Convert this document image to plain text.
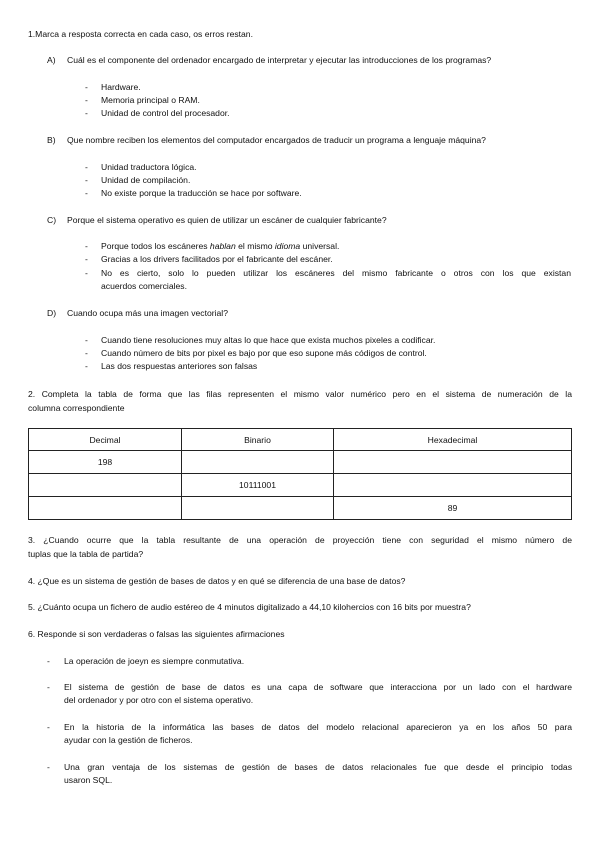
1.Marca a resposta correcta en cada caso, os erros restan.
A) Cuál es el componente del ordenador encargado de interpretar y ejecutar las introducciones de los programas?
- Hardware.
- Memoria principal o RAM.
- Unidad de control del procesador.
B) Que nombre reciben los elementos del computador encargados de traducir un programa a lenguaje máquina?
- Unidad traductora lógica.
- Unidad de compilación.
- No existe porque la traducción se hace por software.
C) Porque el sistema operativo es quien de utilizar un escáner de cualquier fabricante?
- Porque todos los escáneres hablan el mismo idioma universal.
- Gracias a los drivers facilitados por el fabricante del escáner.
- No es cierto, solo lo pueden utilizar los escáneres del mismo fabricante o otros con los que existan
acuerdos comerciales.
D) Cuando ocupa más una imagen vectorial?
- Cuando tiene resoluciones muy altas lo que hace que exista muchos pixeles a codificar.
- Cuando número de bits por pixel es bajo por que eso supone más códigos de control.
- Las dos respuestas anteriores son falsas
2. Completa la tabla de forma que las filas representen el mismo valor numérico pero en el sistema de numeración de la
columna correspondiente
Decimal	Binario	Hexadecimal
198		
	10111001	
		89
3. ¿Cuando ocurre que la tabla resultante de una operación de proyección tiene con seguridad el mismo número de
tuplas que la tabla de partida?
4. ¿Que es un sistema de gestión de bases de datos y en qué se diferencia de una base de datos?
5. ¿Cuánto ocupa un fichero de audio estéreo de 4 minutos digitalizado a 44,10 kilohercios con 16 bits por muestra?
6. Responde si son verdaderas o falsas las siguientes afirmaciones
- La operación de joeyn es siempre conmutativa.
- El sistema de gestión de base de datos es una capa de software que interacciona por un lado con el hardware
del ordenador y por otro con el sistema operativo.
- En la historia de la informática las bases de datos del modelo relacional aparecieron ya en los años 50 para
ayudar con la gestión de ficheros.
- Una gran ventaja de los sistemas de gestión de bases de datos relacionales fue que desde el principio todas
usaron SQL.
